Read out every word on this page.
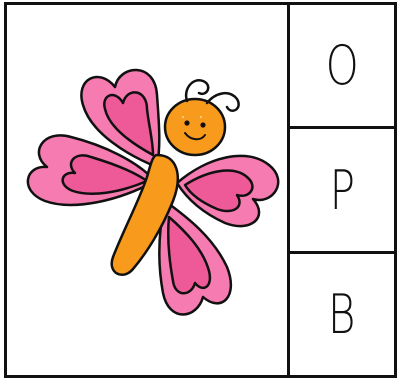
O
P
B
